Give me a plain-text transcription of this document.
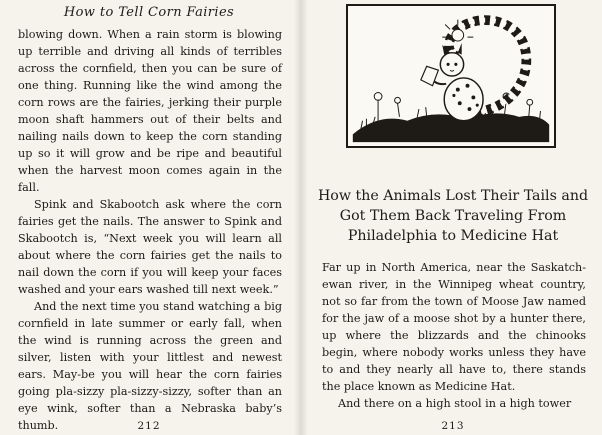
How to Tell Corn Fairies

blowing down. When a rain storm is blowing up terrible and driving all kinds of terribles across the cornfield, then you can be sure of one thing. Running like the wind among the corn rows are the fairies, jerking their purple moon shaft hammers out of their belts and nailing nails down to keep the corn standing up so it will grow and be ripe and beautiful when the harvest moon comes again in the fall.

Spink and Skabootch ask where the corn fairies get the nails. The answer to Spink and Skabootch is, “Next week you will learn all about where the corn fairies get the nails to nail down the corn if you will keep your faces washed and your ears washed till next week.”

And the next time you stand watching a big cornfield in late summer or early fall, when the wind is running across the green and silver, listen with your littlest and newest ears. May-be you will hear the corn fairies going pla-sizzy pla-sizzy-sizzy, softer than an eye wink, softer than a Nebraska baby’s thumb.	212
How the Animals Lost Their Tails and Got Them Back Traveling From Philadelphia to Medicine Hat

Far up in North America, near the Saskatch-ewan river, in the Winnipeg wheat country, not so far from the town of Moose Jaw named for the jaw of a moose shot by a hunter there, up where the blizzards and the chinooks begin, where nobody works unless they have to and they nearly all have to, there stands the place known as Medicine Hat.

And there on a high stool in a high tower

213
